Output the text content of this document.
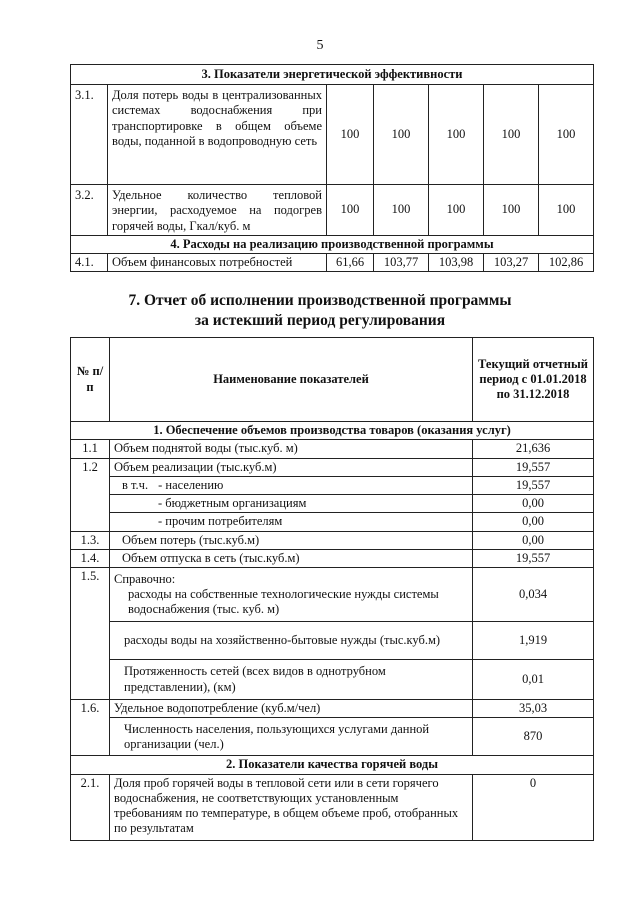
5
3. Показатели энергетической эффективности						
3.1.	Доля потерь воды в централизованных системах водоснабжения при транспортировке в общем объеме воды, поданной в водопроводную сеть	100	100	100	100	100
3.2.	Удельное количество тепловой энергии, расходуемое на подогрев горячей воды, Гкал/куб. м	100	100	100	100	100
4. Расходы на реализацию производственной программы						
4.1.	Объем финансовых потребностей	61,66	103,77	103,98	103,27	102,86
7. Отчет об исполнении производственной программы
за истекший период регулирования
№ п/п	Наименование показателей	Текущий отчетный период с 01.01.2018 по 31.12.2018
1. Обеспечение объемов производства товаров (оказания услуг)		
1.1	Объем поднятой воды (тыс.куб. м)	21,636
1.2	Объем реализации (тыс.куб.м)	19,557
	в т.ч. - населению	19,557
	- бюджетным организациям	0,00
	- прочим потребителям	0,00
1.3.	Объем потерь (тыс.куб.м)	0,00
1.4.	Объем отпуска в сеть (тыс.куб.м)	19,557
1.5.	Справочно:
расходы на собственные технологические нужды системы водоснабжения (тыс. куб. м)	0,034
	расходы воды на хозяйственно-бытовые нужды (тыс.куб.м)	1,919
	Протяженность сетей (всех видов в однотрубном представлении), (км)	0,01
1.6.	Удельное водопотребление (куб.м/чел)	35,03
	Численность населения, пользующихся услугами данной организации (чел.)	870
2. Показатели качества горячей воды		
2.1.	Доля проб горячей воды в тепловой сети или в сети горячего водоснабжения, не соответствующих установленным требованиям по температуре, в общем объеме проб, отобранных по результатам	0
